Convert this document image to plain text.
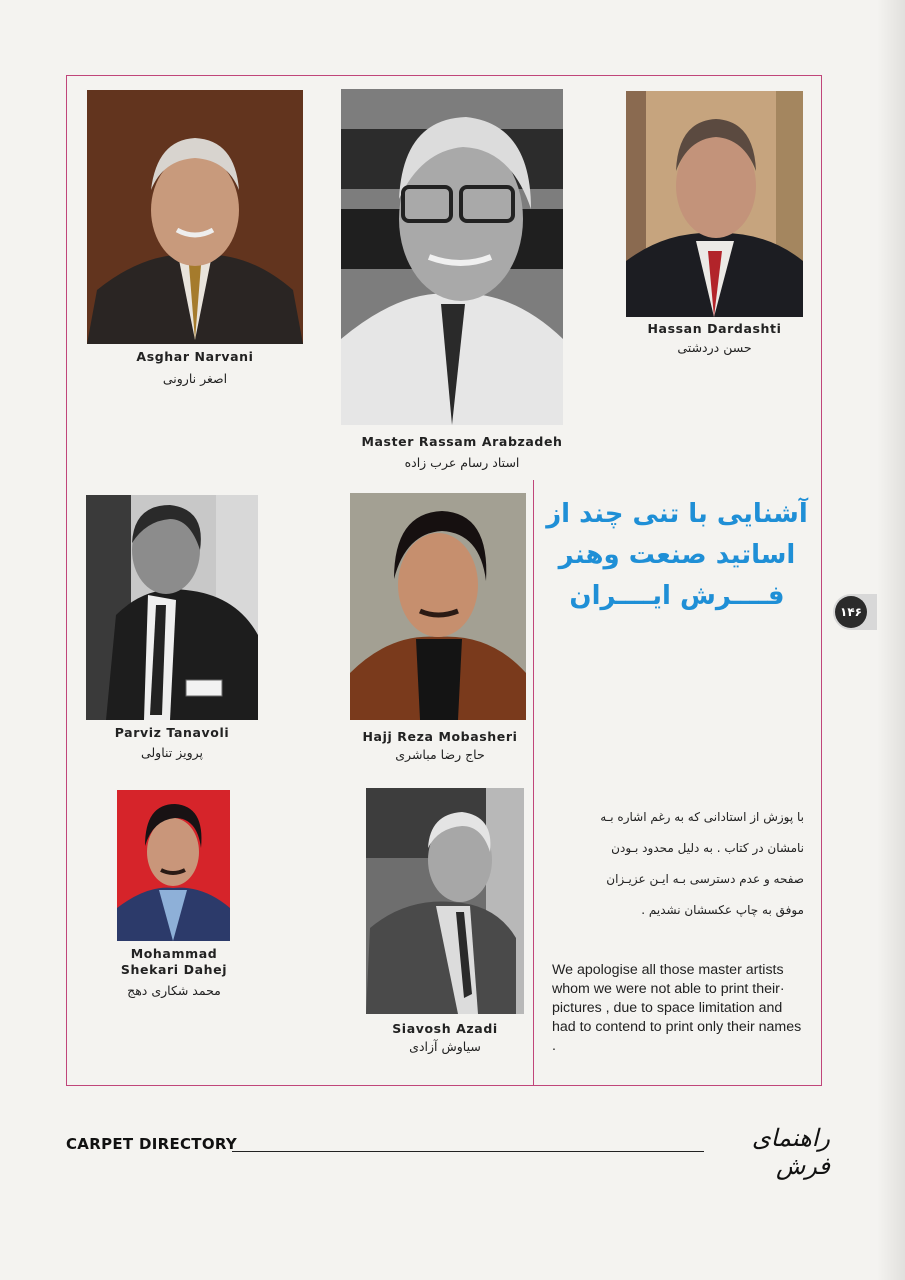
Asghar Narvani
اصغر نارونی
Master Rassam Arabzadeh
استاد رسام عرب زاده
Hassan Dardashti
حسن دردشتی
Parviz Tanavoli
پرویز تناولی
Hajj Reza Mobasheri
حاج رضا مباشری
Mohammad
Shekari Dahej
محمد شکاری دهج
Siavosh Azadi
سیاوش آزادی
آشنایی با تنی چند از
اساتید صنعت وهنر
فــــرش ایــــران
۱۴۶
با پوزش از استادانی که به رغم اشاره بـه
نامشان در کتاب . به دلیل محدود بـودن
صفحه و عدم دسترسی بـه ایـن عزیـزان
موفق به چاپ عکسشان نشدیم .
We apologise all those master artists whom we were not able to print their· pictures , due to space limitation and had to contend to print only their names .
CARPET DIRECTORY	راهنمای فرش
